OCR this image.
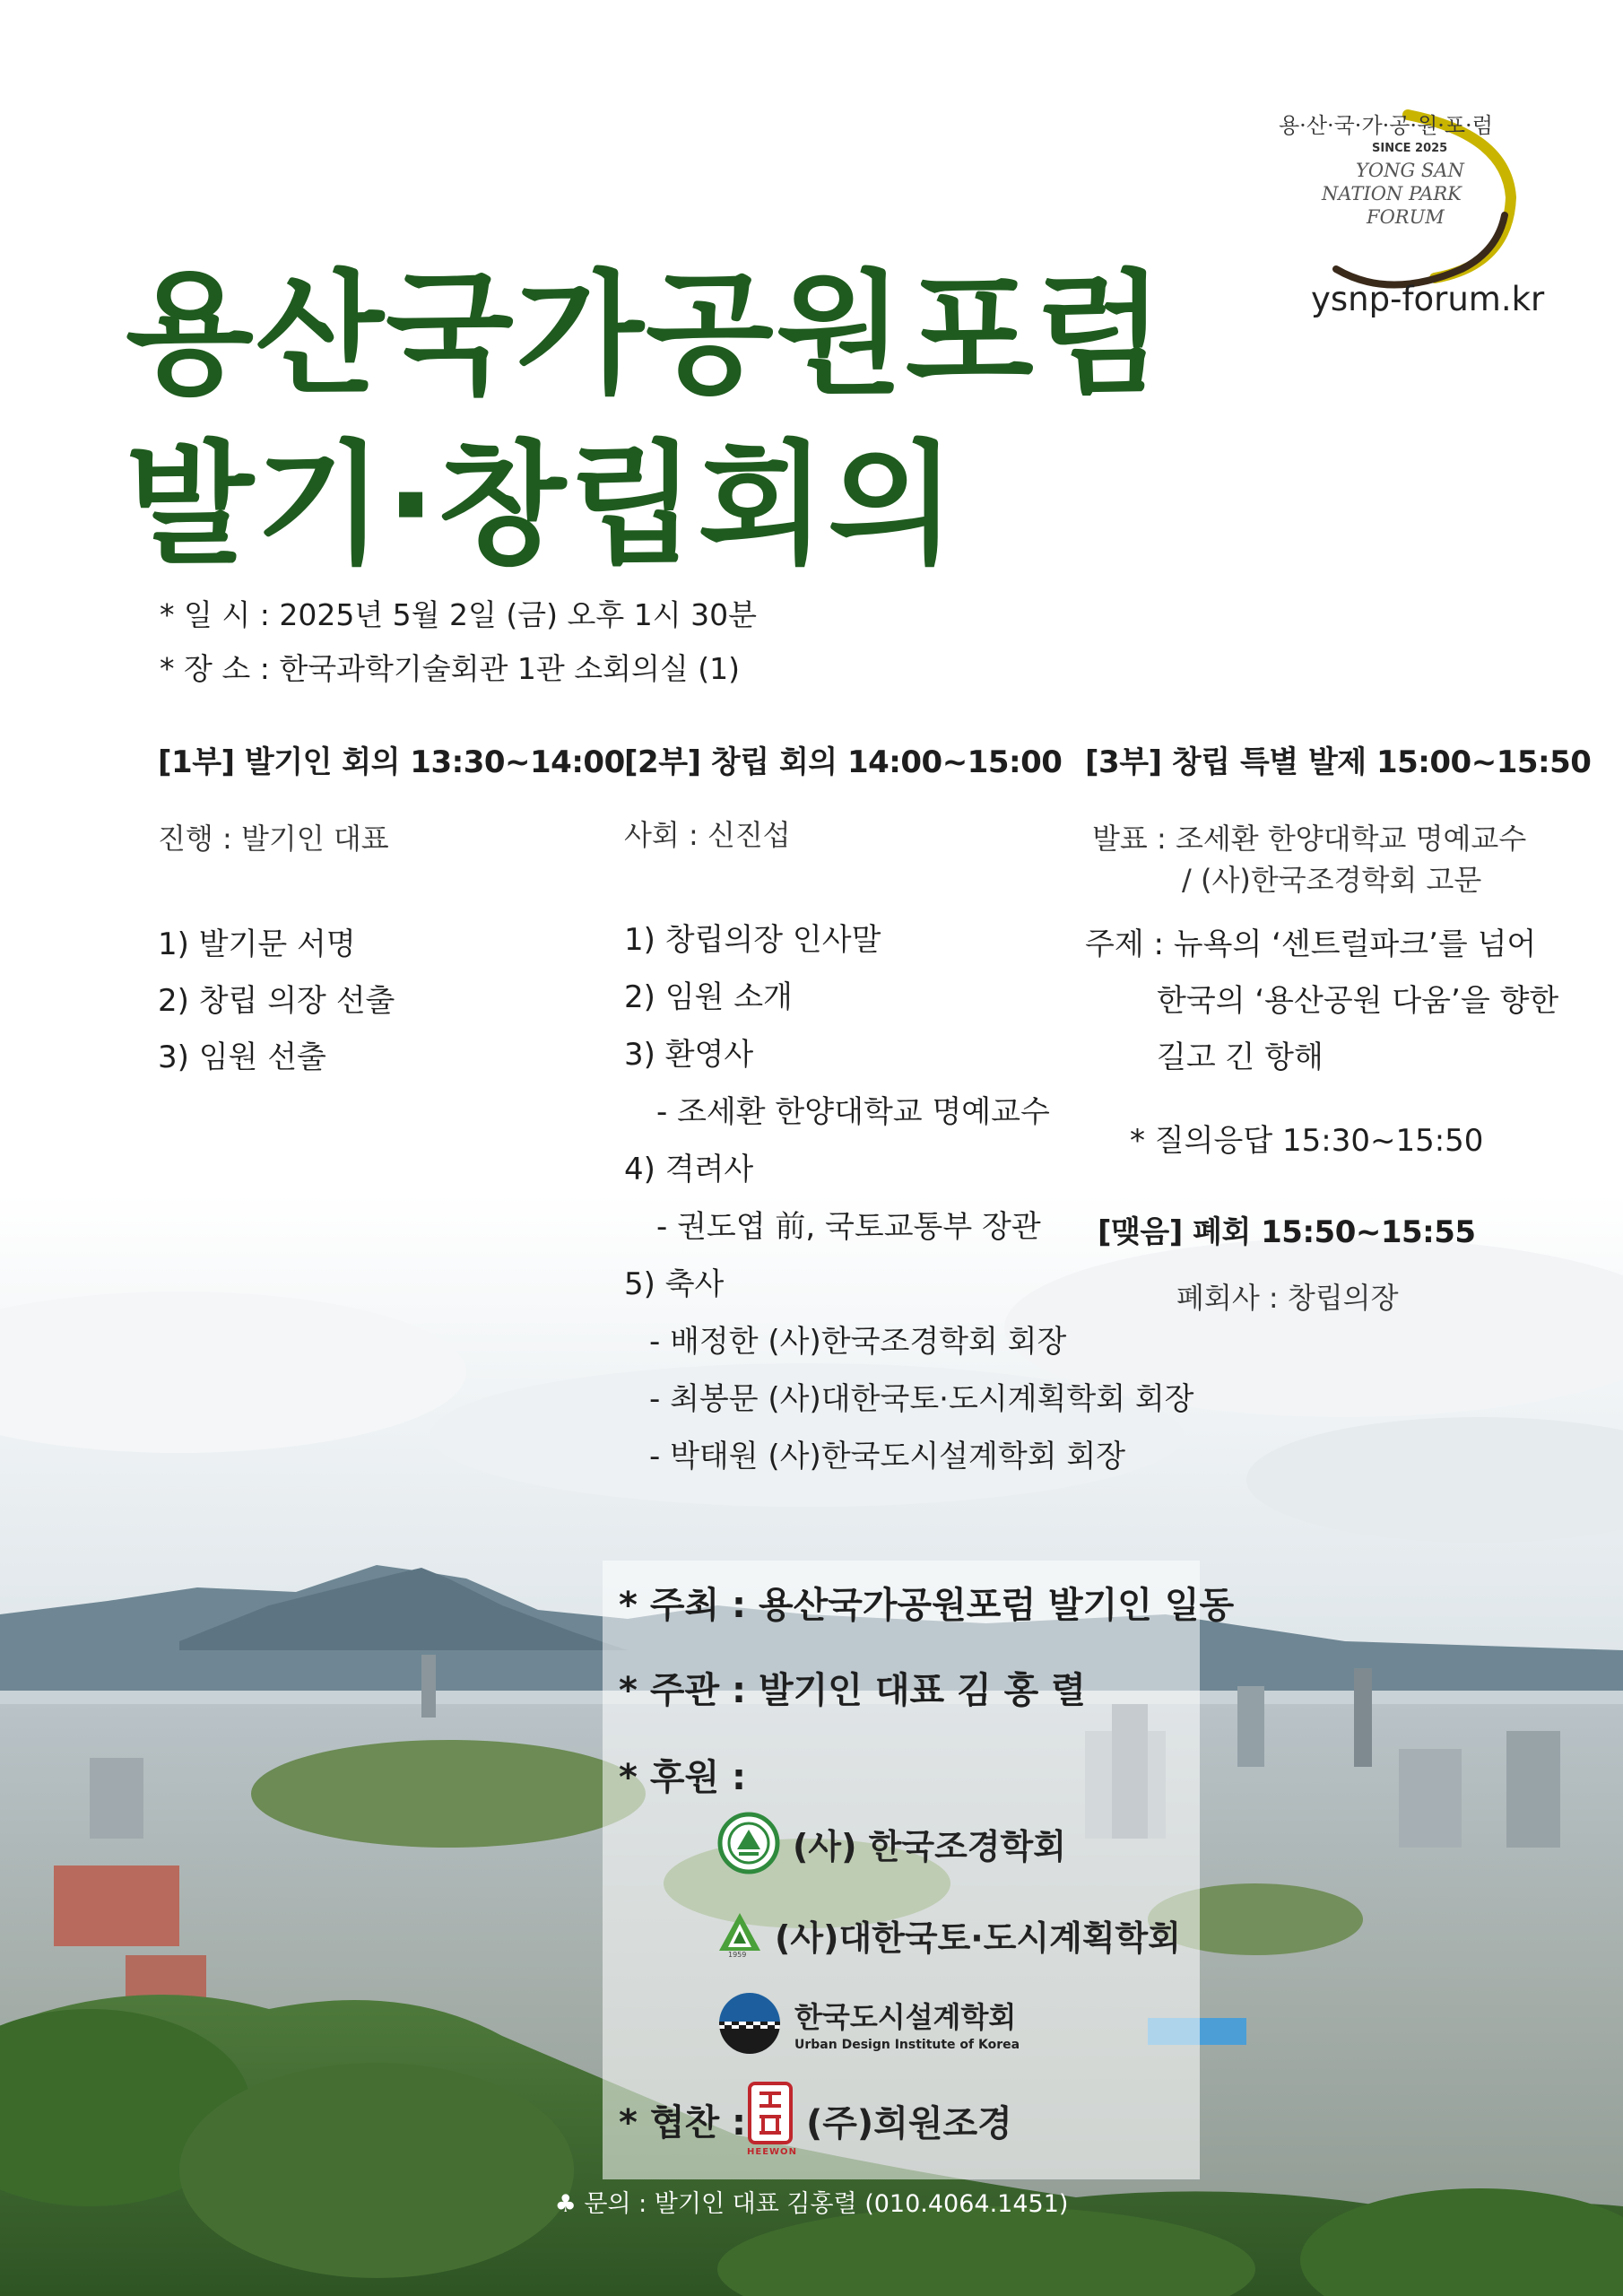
용·산·국·가·공·원·포·럼
SINCE 2025
YONG SAN
NATION PARK
FORUM
ysnp-forum.kr
용산국가공원포럼
발기·창립회의
* 일 시 : 2025년 5월 2일 (금) 오후 1시 30분
* 장 소 : 한국과학기술회관 1관 소회의실 (1)
[1부] 발기인 회의 13:30~14:00
진행 : 발기인 대표
1) 발기문 서명
2) 창립 의장 선출
3) 임원 선출
[2부] 창립 회의 14:00~15:00
사회 : 신진섭
1) 창립의장 인사말
2) 임원 소개
3) 환영사
- 조세환 한양대학교 명예교수
4) 격려사
- 권도엽 前, 국토교통부 장관
5) 축사
- 배정한 (사)한국조경학회 회장
- 최봉문 (사)대한국토·도시계획학회 회장
- 박태원 (사)한국도시설계학회 회장
[3부] 창립 특별 발제 15:00~15:50
발표 : 조세환 한양대학교 명예교수
/ (사)한국조경학회 고문
주제 : 뉴욕의 ‘센트럴파크’를 넘어
한국의 ‘용산공원 다움’을 향한
길고 긴 항해
* 질의응답 15:30~15:50
[맺음] 폐회 15:50~15:55
폐회사 : 창립의장
* 주최 : 용산국가공원포럼 발기인 일동
* 주관 : 발기인 대표 김 홍 렬
* 후원 :
(사) 한국조경학회
1959 (사)대한국토·도시계획학회
한국도시설계학회
Urban Design Institute of Korea
* 협찬 :
HEEWON
(주)희원조경
♣ 문의 : 발기인 대표 김홍렬 (010.4064.1451)
